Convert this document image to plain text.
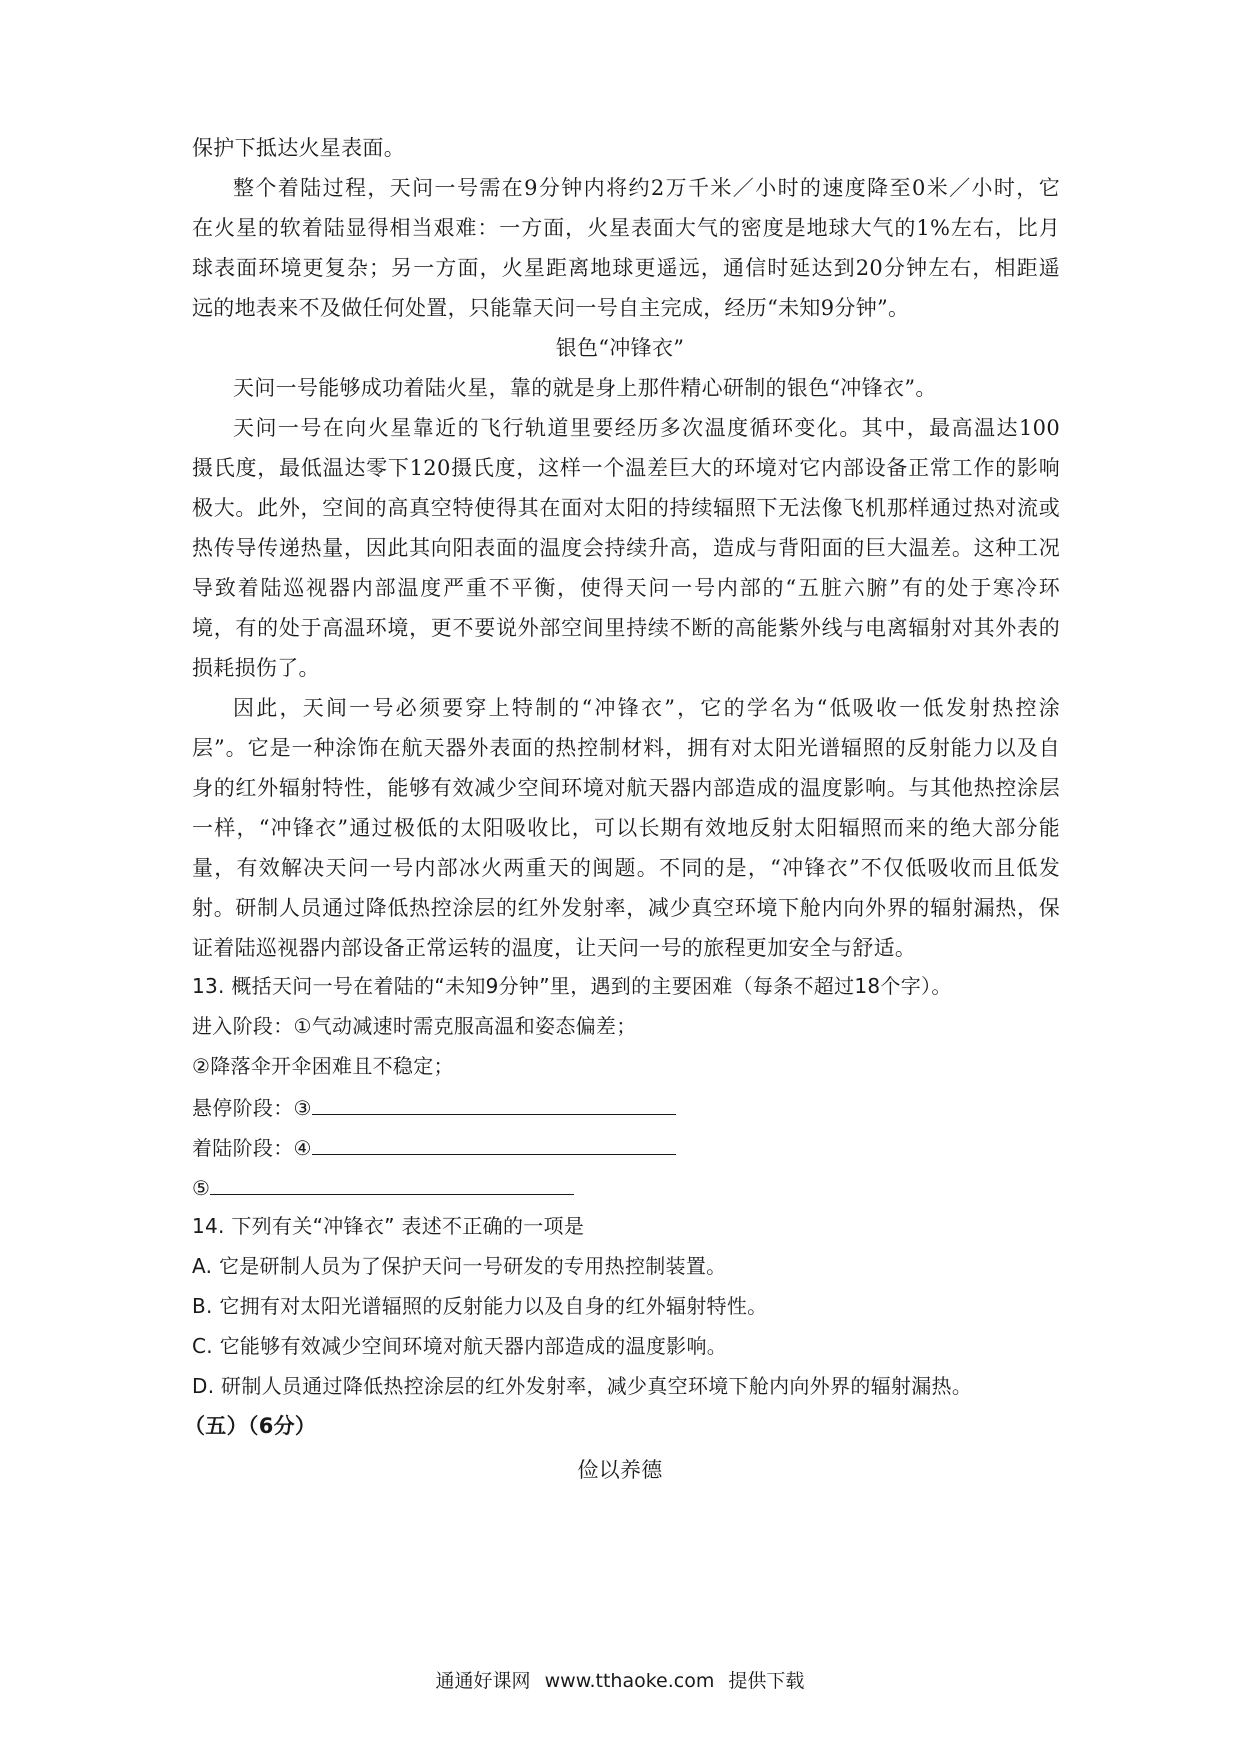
保护下抵达火星表面。
整个着陆过程，天问一号需在9分钟内将约2万千米／小时的速度降至0米／小时，它
在火星的软着陆显得相当艰难：一方面，火星表面大气的密度是地球大气的1%左右，比月
球表面环境更复杂；另一方面，火星距离地球更遥远，通信时延达到20分钟左右，相距遥
远的地表来不及做任何处置，只能靠天问一号自主完成，经历“未知9分钟”。
银色“冲锋衣”
天问一号能够成功着陆火星，靠的就是身上那件精心研制的银色“冲锋衣”。
天问一号在向火星靠近的飞行轨道里要经历多次温度循环变化。其中，最高温达100
摄氏度，最低温达零下120摄氏度，这样一个温差巨大的环境对它内部设备正常工作的影响
极大。此外，空间的高真空特使得其在面对太阳的持续辐照下无法像飞机那样通过热对流或
热传导传递热量，因此其向阳表面的温度会持续升高，造成与背阳面的巨大温差。这种工况
导致着陆巡视器内部温度严重不平衡，使得天问一号内部的“五脏六腑”有的处于寒冷环
境，有的处于高温环境，更不要说外部空间里持续不断的高能紫外线与电离辐射对其外表的
损耗损伤了。
因此，天间一号必须要穿上特制的“冲锋衣”，它的学名为“低吸收一低发射热控涂
层”。它是一种涂饰在航天器外表面的热控制材料，拥有对太阳光谱辐照的反射能力以及自
身的红外辐射特性，能够有效减少空间环境对航天器内部造成的温度影响。与其他热控涂层
一样，“冲锋衣”通过极低的太阳吸收比，可以长期有效地反射太阳辐照而来的绝大部分能
量，有效解决天问一号内部冰火两重天的闽题。不同的是，“冲锋衣”不仅低吸收而且低发
射。研制人员通过降低热控涂层的红外发射率，减少真空环境下舱内向外界的辐射漏热，保
证着陆巡视器内部设备正常运转的温度，让天问一号的旅程更加安全与舒适。
13. 概括天问一号在着陆的“未知9分钟”里，遇到的主要困难（每条不超过18个字）。
进入阶段：①气动减速时需克服高温和姿态偏差；
②降落伞开伞困难且不稳定；
悬停阶段：③
着陆阶段：④
⑤
14. 下列有关“冲锋衣” 表述不正确的一项是
A. 它是研制人员为了保护天问一号研发的专用热控制装置。
B. 它拥有对太阳光谱辐照的反射能力以及自身的红外辐射特性。
C. 它能够有效减少空间环境对航天器内部造成的温度影响。
D. 研制人员通过降低热控涂层的红外发射率，减少真空环境下舱内向外界的辐射漏热。
（五）（6分）
俭以养德
通通好课网 www.tthaoke.com 提供下载
